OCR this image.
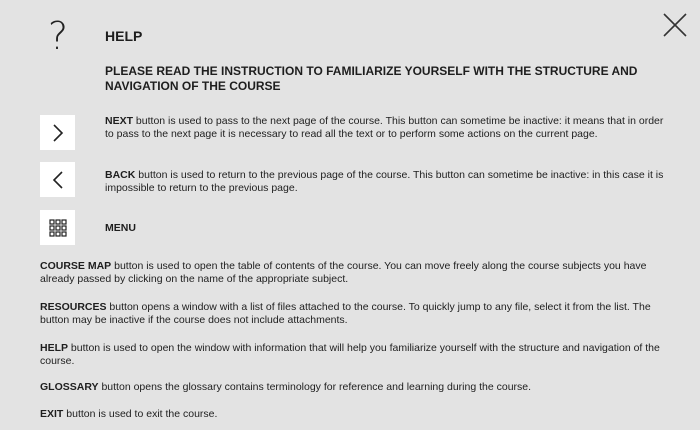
?	HELP
PLEASE READ THE INSTRUCTION TO FAMILIARIZE YOURSELF WITH THE STRUCTURE AND NAVIGATION OF THE COURSE
NEXT button is used to pass to the next page of the course. This button can sometime be inactive: it means that in order to pass to the next page it is necessary to read all the text or to perform some actions on the current page.
BACK button is used to return to the previous page of the course. This button can sometime be inactive: in this case it is impossible to return to the previous page.
MENU
COURSE MAP button is used to open the table of contents of the course. You can move freely along the course subjects you have already passed by clicking on the name of the appropriate subject.
RESOURCES button opens a window with a list of files attached to the course. To quickly jump to any file, select it from the list. The button may be inactive if the course does not include attachments.
HELP button is used to open the window with information that will help you familiarize yourself with the structure and navigation of the course.
GLOSSARY button opens the glossary contains terminology for reference and learning during the course.
EXIT button is used to exit the course.
